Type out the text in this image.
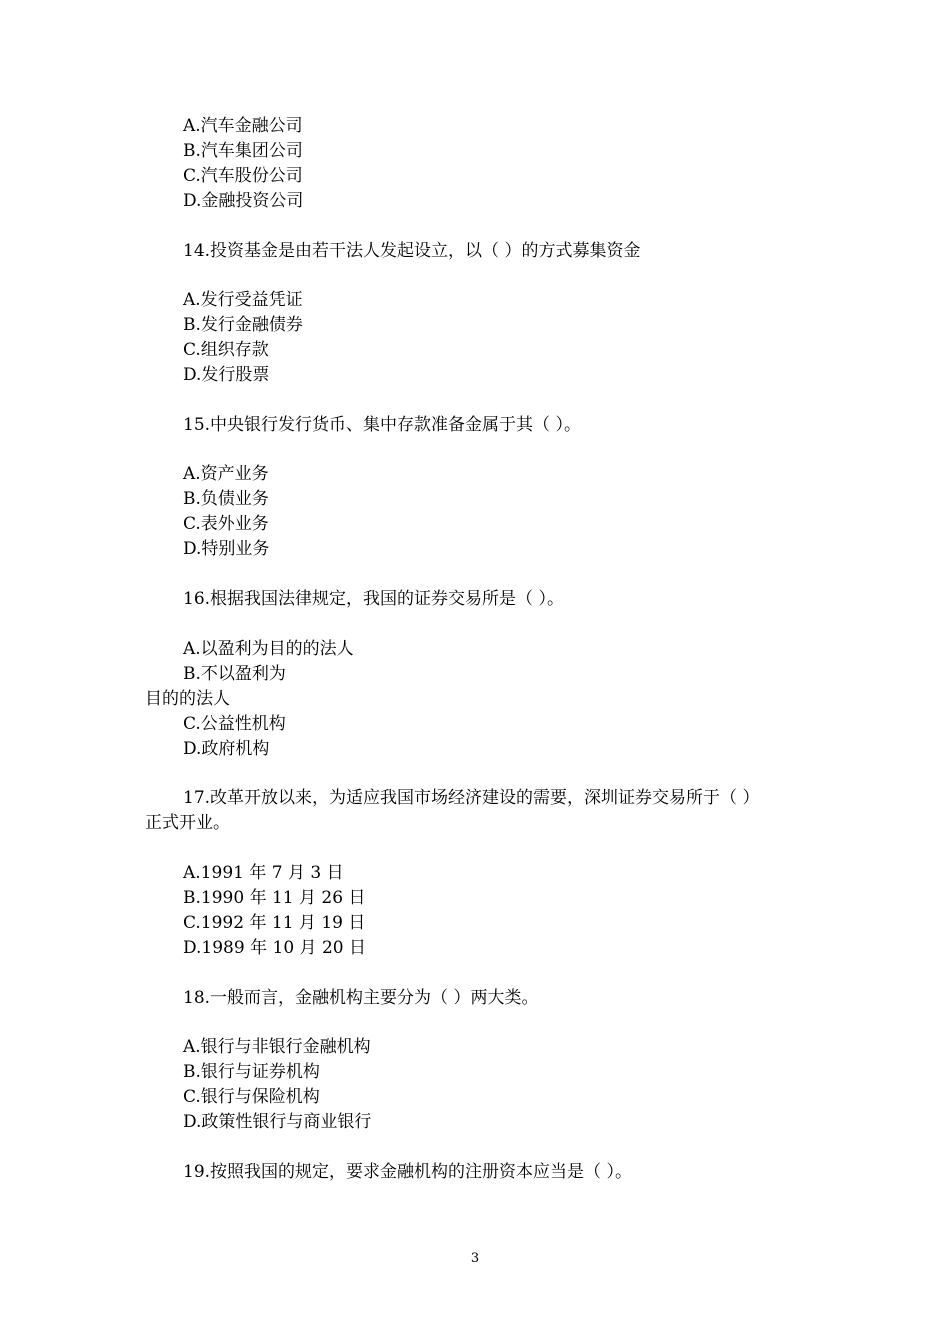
A.汽车金融公司
B.汽车集团公司
C.汽车股份公司
D.金融投资公司
14.投资基金是由若干法人发起设立，以（ ）的方式募集资金
A.发行受益凭证
B.发行金融债券
C.组织存款
D.发行股票
15.中央银行发行货币、集中存款准备金属于其（ ）。
A.资产业务
B.负债业务
C.表外业务
D.特别业务
16.根据我国法律规定，我国的证券交易所是（ ）。
A.以盈利为目的的法人
B.不以盈利为
目的的法人
C.公益性机构
D.政府机构
17.改革开放以来，为适应我国市场经济建设的需要，深圳证券交易所于（ ）
正式开业。
A.1991 年 7 月 3 日
B.1990 年 11 月 26 日
C.1992 年 11 月 19 日
D.1989 年 10 月 20 日
18.一般而言，金融机构主要分为（ ）两大类。
A.银行与非银行金融机构
B.银行与证券机构
C.银行与保险机构
D.政策性银行与商业银行
19.按照我国的规定，要求金融机构的注册资本应当是（ ）。
3
